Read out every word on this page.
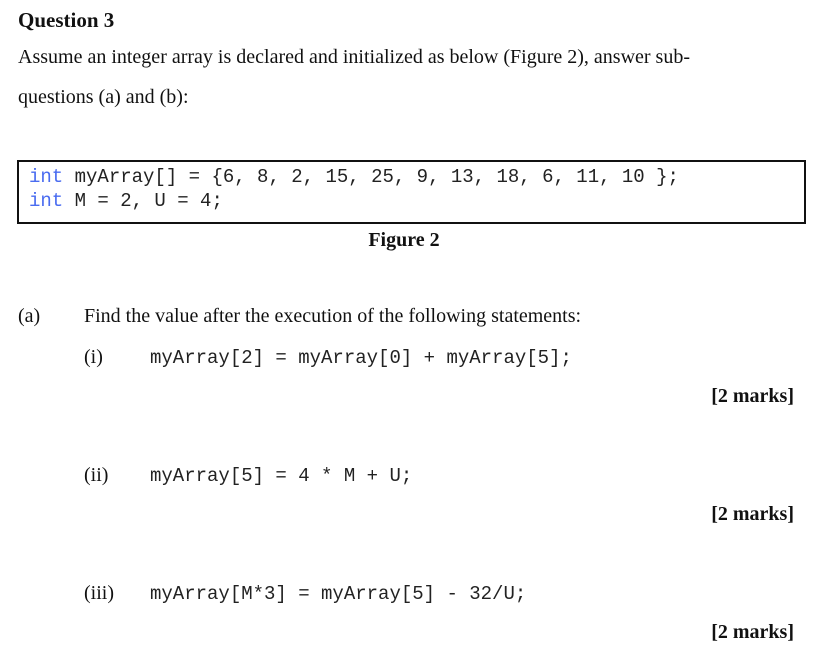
Question 3
Assume an integer array is declared and initialized as below (Figure 2), answer sub-
questions (a) and (b):
int myArray[] = {6, 8, 2, 15, 25, 9, 13, 18, 6, 11, 10 };
int M = 2, U = 4;
Figure 2
(a) Find the value after the execution of the following statements:
(i) myArray[2] = myArray[0] + myArray[5];
[2 marks]
(ii) myArray[5] = 4 * M + U;
[2 marks]
(iii) myArray[M*3] = myArray[5] - 32/U;
[2 marks]
